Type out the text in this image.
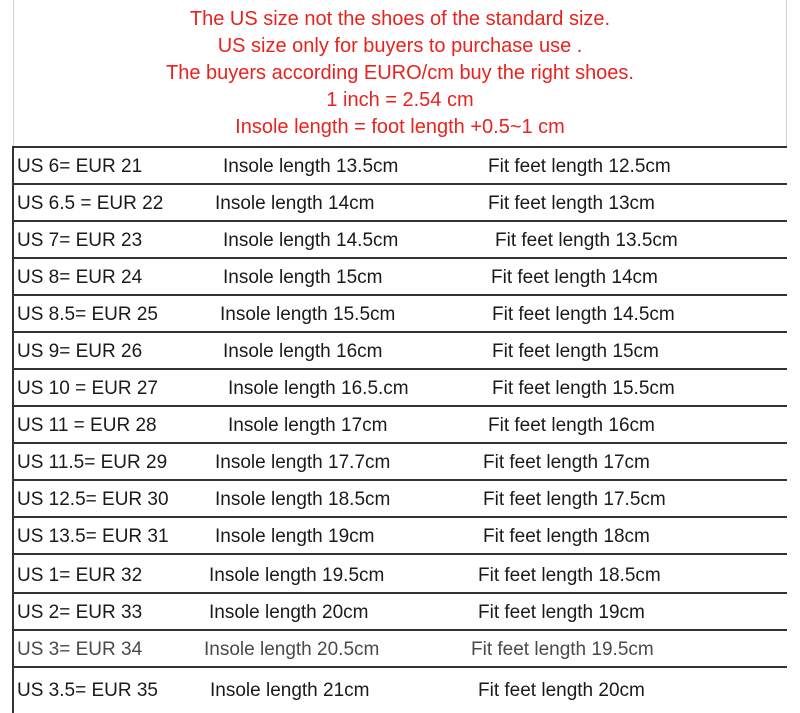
The US size not the shoes of the standard size.
US size only for buyers to purchase use .
The buyers according EURO/cm buy the right shoes.
1 inch = 2.54 cm
Insole length = foot length +0.5~1 cm
US 6= EUR 21	Insole length 13.5cm	Fit feet length 12.5cm
US 6.5 = EUR 22	Insole length 14cm	Fit feet length 13cm
US 7= EUR 23	Insole length 14.5cm	Fit feet length 13.5cm
US 8= EUR 24	Insole length 15cm	Fit feet length 14cm
US 8.5= EUR 25	Insole length 15.5cm	Fit feet length 14.5cm
US 9= EUR 26	Insole length 16cm	Fit feet length 15cm
US 10 = EUR 27	Insole length 16.5.cm	Fit feet length 15.5cm
US 11 = EUR 28	Insole length 17cm	Fit feet length 16cm
US 11.5= EUR 29	Insole length 17.7cm	Fit feet length 17cm
US 12.5= EUR 30 Insole length 18.5cm	Fit feet length 17.5cm
US 13.5= EUR 31 Insole length 19cm	Fit feet length 18cm
US 1= EUR 32	Insole length 19.5cm	Fit feet length 18.5cm
US 2= EUR 33	Insole length 20cm	Fit feet length 19cm
US 3= EUR 34	Insole length 20.5cm	Fit feet length 19.5cm
US 3.5= EUR 35	Insole length 21cm	Fit feet length 20cm
